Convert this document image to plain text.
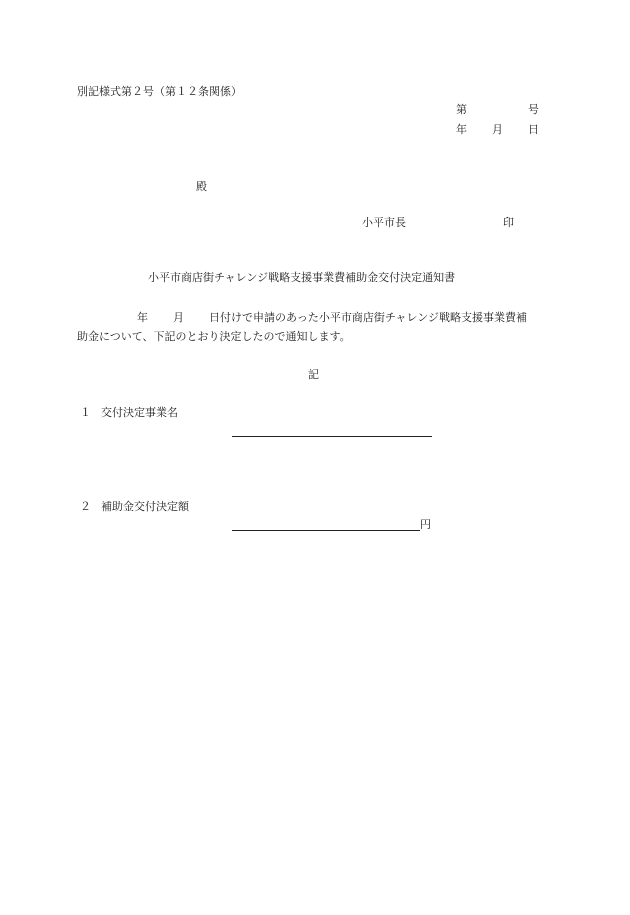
別記様式第２号（第１２条関係）
第	号
年 月 日
殿
小平市長	印
小平市商店街チャレンジ戦略支援事業費補助金交付決定通知書
年 月 日付けで申請のあった小平市商店街チャレンジ戦略支援事業費補
助金について、下記のとおり決定したので通知します。
記
１ 交付決定事業名
２ 補助金交付決定額
円
